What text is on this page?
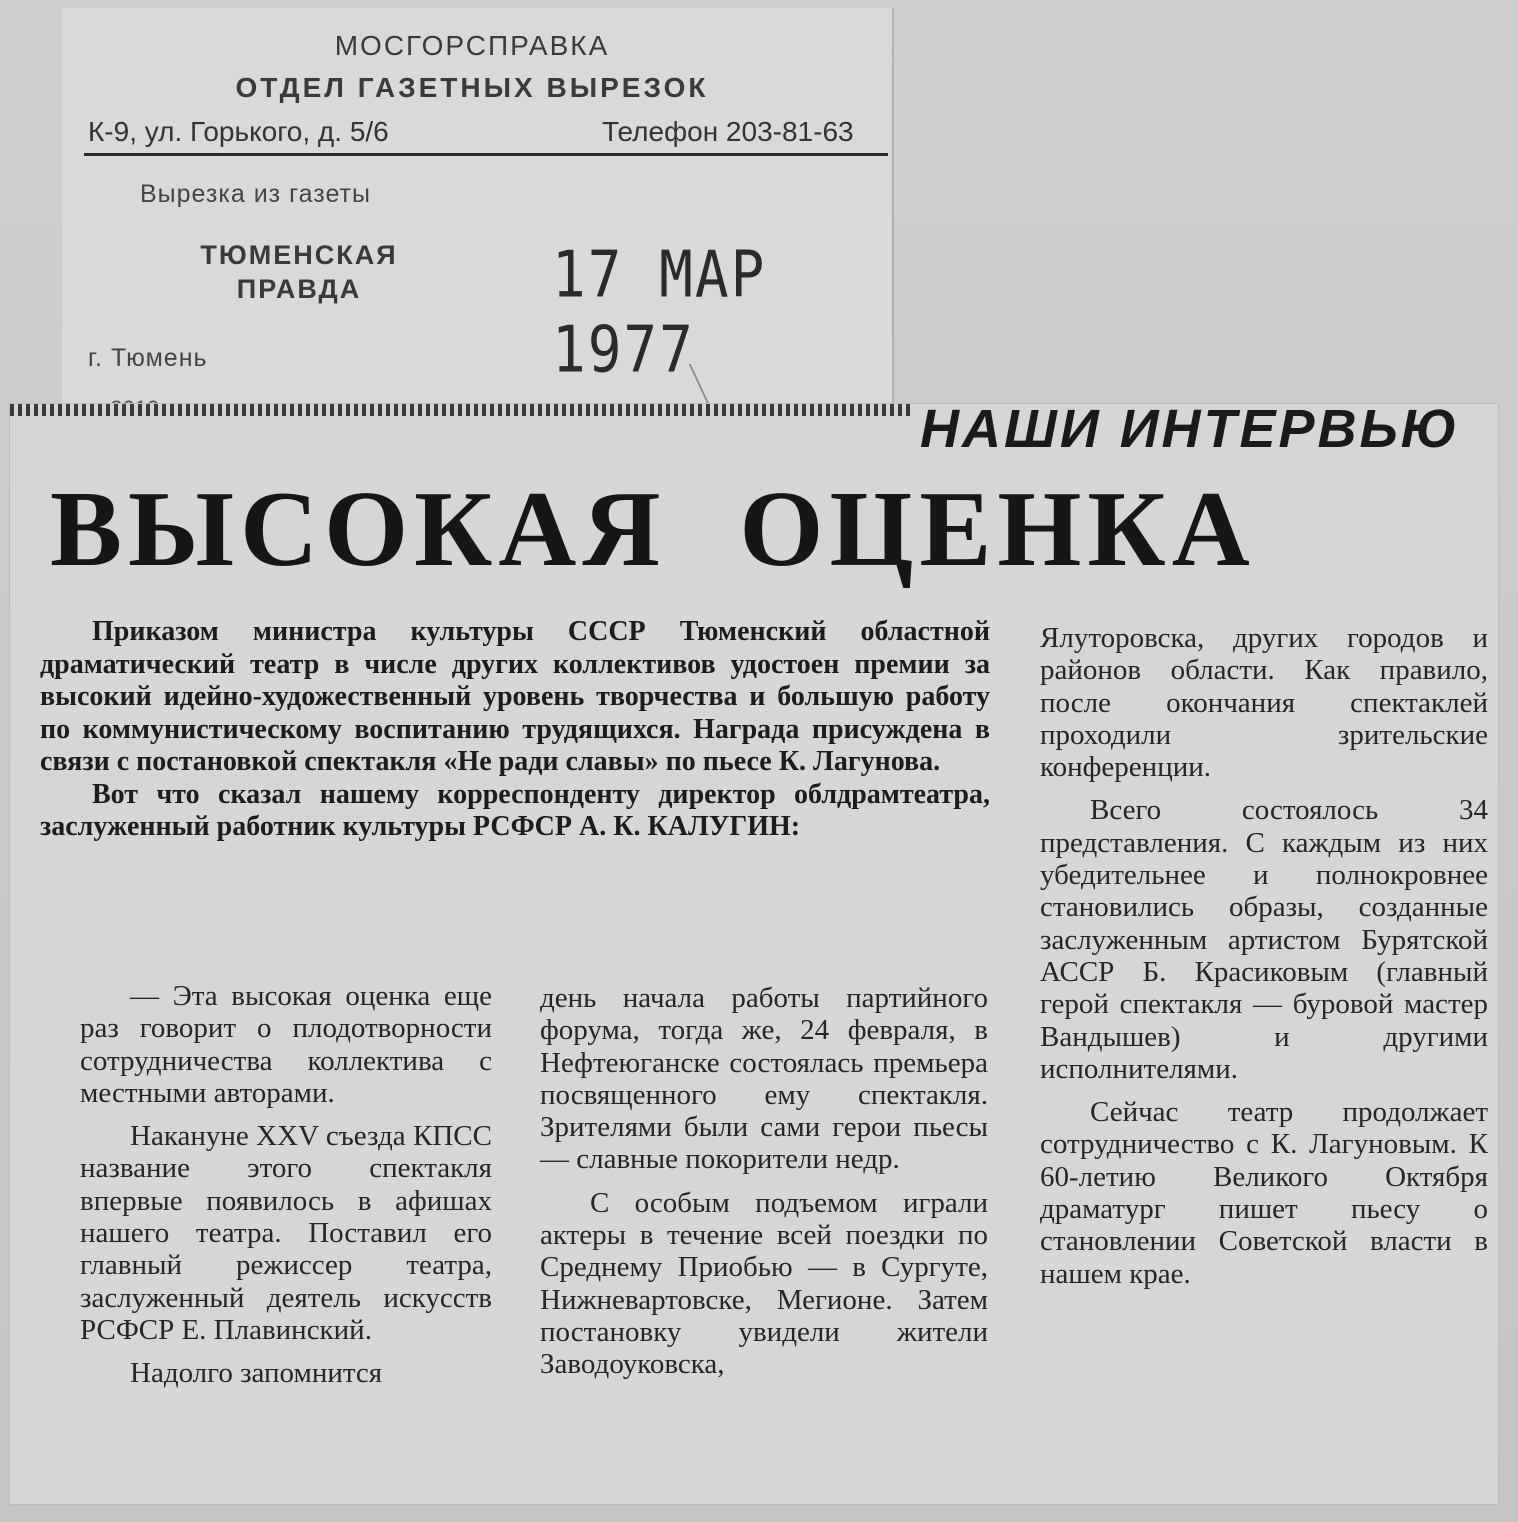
МОСГОРСПРАВКА
ОТДЕЛ ГАЗЕТНЫХ ВЫРЕЗОК
К-9, ул. Горького, д. 5/6	Телефон 203-81-63
Вырезка из газеты
ТЮМЕНСКАЯ
ПРАВДА	17 МАР 1977
г. Тюмень
НАШИ ИНТЕРВЬЮ
ВЫСОКАЯ ОЦЕНКА

Приказом министра культуры СССР Тюменский областной драматический театр в числе других коллективов удостоен премии за высокий идейно-художественный уровень творчества и большую работу по коммунистическому воспитанию трудящихся. Награда присуждена в связи с постановкой спектакля «Не ради славы» по пьесе К. Лагунова.

Вот что сказал нашему корреспонденту директор облдрамтеатра, заслуженный работник культуры РСФСР А. К. КАЛУГИН:

Ялуторовска, других городов и районов области. Как правило, после окончания спектаклей проходили зрительские конференции.

Всего состоялось 34 представления. С каждым из них убедительнее и полнокровнее становились образы, созданные заслуженным артистом Бурятской АССР Б. Красиковым (главный герой спектакля — буровой мастер Вандышев) и другими исполнителями.

Сейчас театр продолжает сотрудничество с К. Лагуновым. К 60-летию Великого Октября драматург пишет пьесу о становлении Советской власти в нашем крае.

— Эта высокая оценка еще раз говорит о плодотворности сотрудничества коллектива с местными авторами.

Накануне XXV съезда КПСС название этого спектакля впервые появилось в афишах нашего театра. Поставил его главный режиссер театра, заслуженный деятель искусств РСФСР Е. Плавинский.

Надолго запомнится

день начала работы партийного форума, тогда же, 24 февраля, в Нефтеюганске состоялась премьера посвященного ему спектакля. Зрителями были сами герои пьесы — славные покорители недр.

С особым подъемом играли актеры в течение всей поездки по Среднему Приобью — в Сургуте, Нижневартовске, Мегионе. Затем постановку увидели жители Заводоуковска,
